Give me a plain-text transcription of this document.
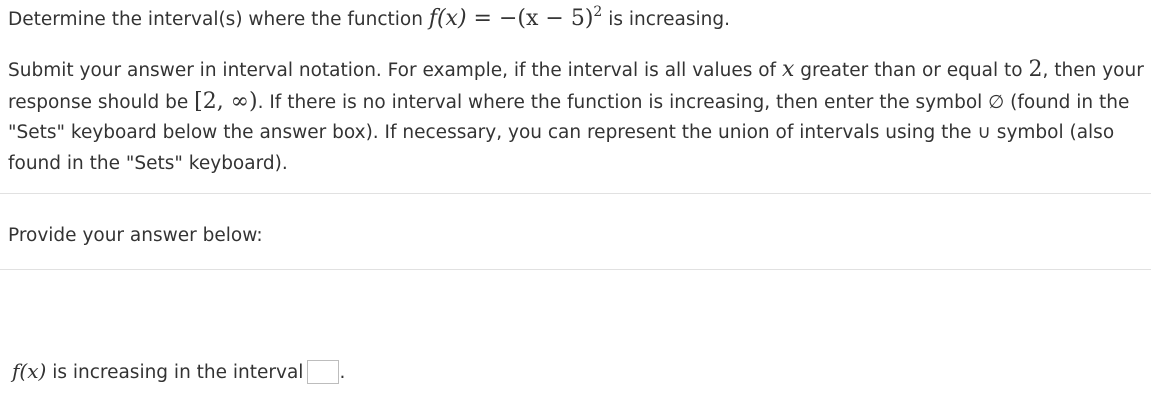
Determine the interval(s) where the function $f(x) = -(x - 5)^2$ is increasing.
Submit your answer in interval notation. For example, if the interval is all values of x greater than or equal to 2, then your response should be [2, ∞). If there is no interval where the function is increasing, then enter the symbol ∅ (found in the "Sets" keyboard below the answer box). If necessary, you can represent the union of intervals using the ∪ symbol (also found in the "Sets" keyboard).
Provide your answer below:
f(x) is increasing in the interval .
